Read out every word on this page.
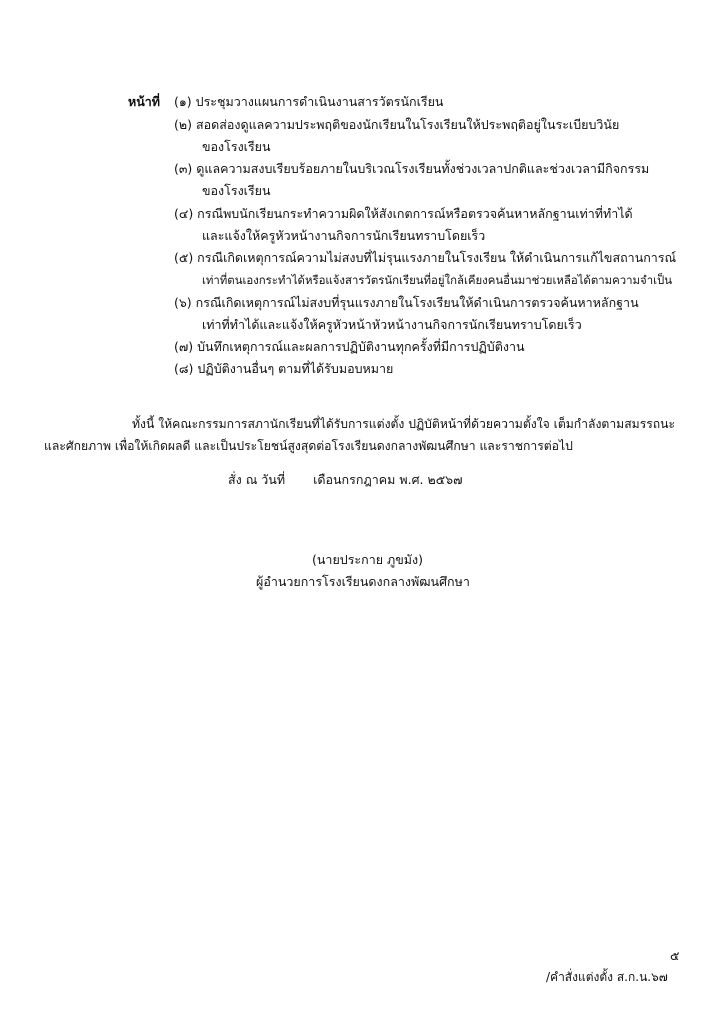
หน้าที่ (๑) ประชุมวางแผนการดำเนินงานสารวัตรนักเรียน
(๒) สอดส่องดูแลความประพฤติของนักเรียนในโรงเรียนให้ประพฤติอยู่ในระเบียบวินัย
ของโรงเรียน
(๓) ดูแลความสงบเรียบร้อยภายในบริเวณโรงเรียนทั้งช่วงเวลาปกติและช่วงเวลามีกิจกรรม
ของโรงเรียน
(๔) กรณีพบนักเรียนกระทำความผิดให้สังเกตการณ์หรือตรวจค้นหาหลักฐานเท่าที่ทำได้
และแจ้งให้ครูหัวหน้างานกิจการนักเรียนทราบโดยเร็ว
(๕) กรณีเกิดเหตุการณ์ความไม่สงบที่ไม่รุนแรงภายในโรงเรียน ให้ดำเนินการแก้ไขสถานการณ์
เท่าที่ตนเองกระทำได้หรือแจ้งสารวัตรนักเรียนที่อยู่ใกล้เคียงคนอื่นมาช่วยเหลือได้ตามความจำเป็น
(๖) กรณีเกิดเหตุการณ์ไม่สงบที่รุนแรงภายในโรงเรียนให้ดำเนินการตรวจค้นหาหลักฐาน
เท่าที่ทำได้และแจ้งให้ครูหัวหน้าหัวหน้างานกิจการนักเรียนทราบโดยเร็ว
(๗) บันทึกเหตุการณ์และผลการปฏิบัติงานทุกครั้งที่มีการปฏิบัติงาน
(๘) ปฏิบัติงานอื่นๆ ตามที่ได้รับมอบหมาย
ทั้งนี้ ให้คณะกรรมการสภานักเรียนที่ได้รับการแต่งตั้ง ปฏิบัติหน้าที่ด้วยความตั้งใจ เต็มกำลังตามสมรรถนะ
และศักยภาพ เพื่อให้เกิดผลดี และเป็นประโยชน์สูงสุดต่อโรงเรียนดงกลางพัฒนศึกษา และราชการต่อไป
สั่ง ณ วันที่ เดือนกรกฎาคม พ.ศ. ๒๕๖๗
(นายประกาย ภูขมัง)
ผู้อำนวยการโรงเรียนดงกลางพัฒนศึกษา
๕
/คำสั่งแต่งตั้ง ส.ก.น.๖๗
